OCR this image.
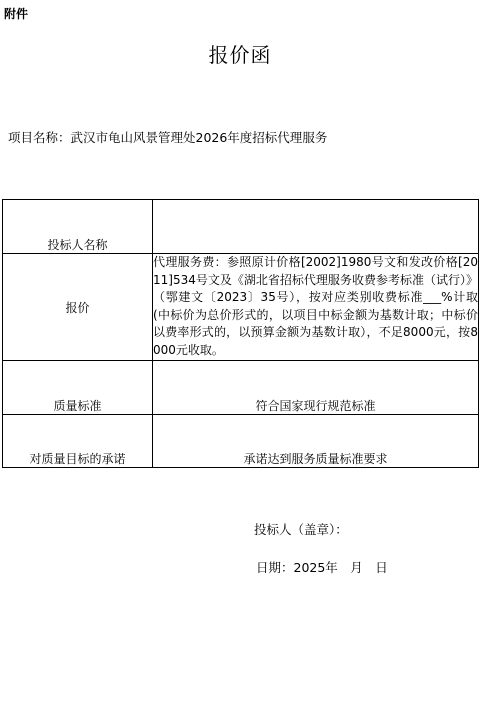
附件
报价函
项目名称：武汉市龟山风景管理处2026年度招标代理服务
投标人名称	
报价	代理服务费：参照原计价格[2002]1980号文和发改价格[2011]534号文及《湖北省招标代理服务收费参考标准（试行）》（鄂建文〔2023〕35号），按对应类别收费标准___%计取(中标价为总价形式的，以项目中标金额为基数计取；中标价以费率形式的，以预算金额为基数计取），不足8000元，按8000元收取。
质量标准	符合国家现行规范标准
对质量目标的承诺	承诺达到服务质量标准要求
投标人（盖章）：
日期：2025年　月　日
